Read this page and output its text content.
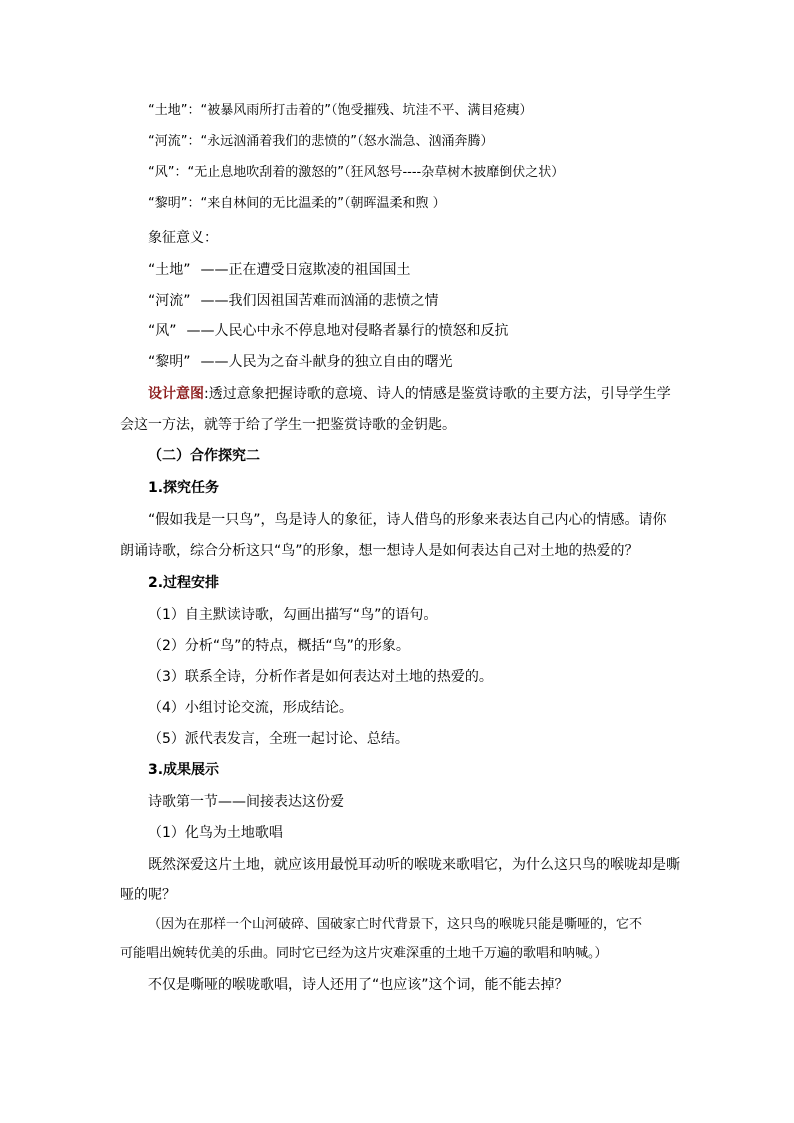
“土地”：“被暴风雨所打击着的”（饱受摧残、坑洼不平、满目疮痍）
“河流”：“永远汹涌着我们的悲愤的”（怒水湍急、汹涌奔腾）
“风”：“无止息地吹刮着的激怒的”（狂风怒号----杂草树木披靡倒伏之状）
“黎明”：“来自林间的无比温柔的”（朝晖温柔和煦 ）
象征意义：
“土地” ——正在遭受日寇欺凌的祖国国土
“河流” ——我们因祖国苦难而汹涌的悲愤之情
“风” ——人民心中永不停息地对侵略者暴行的愤怒和反抗
“黎明” ——人民为之奋斗献身的独立自由的曙光
设计意图:透过意象把握诗歌的意境、诗人的情感是鉴赏诗歌的主要方法，引导学生学
会这一方法，就等于给了学生一把鉴赏诗歌的金钥匙。
（二）合作探究二
1.探究任务
“假如我是一只鸟”，鸟是诗人的象征，诗人借鸟的形象来表达自己内心的情感。请你
朗诵诗歌，综合分析这只“鸟”的形象，想一想诗人是如何表达自己对土地的热爱的？
2.过程安排
（1）自主默读诗歌，勾画出描写“鸟”的语句。
（2）分析“鸟”的特点，概括“鸟”的形象。
（3）联系全诗，分析作者是如何表达对土地的热爱的。
（4）小组讨论交流，形成结论。
（5）派代表发言，全班一起讨论、总结。
3.成果展示
诗歌第一节——间接表达这份爱
（1）化鸟为土地歌唱
既然深爱这片土地，就应该用最悦耳动听的喉咙来歌唱它，为什么这只鸟的喉咙却是嘶
哑的呢？
（因为在那样一个山河破碎、国破家亡时代背景下，这只鸟的喉咙只能是嘶哑的，它不
可能唱出婉转优美的乐曲。同时它已经为这片灾难深重的土地千万遍的歌唱和呐喊。）
不仅是嘶哑的喉咙歌唱，诗人还用了“也应该”这个词，能不能去掉？
